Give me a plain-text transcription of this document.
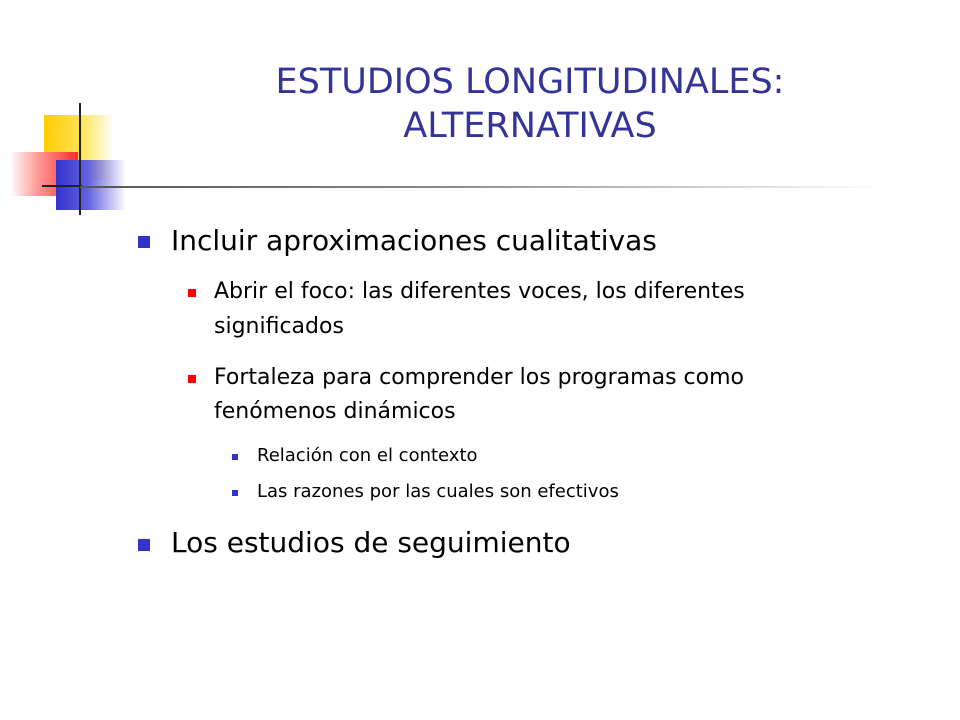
ESTUDIOS LONGITUDINALES:
ALTERNATIVAS
Incluir aproximaciones cualitativas
Abrir el foco: las diferentes voces, los diferentes
significados
Fortaleza para comprender los programas como
fenómenos dinámicos
Relación con el contexto
Las razones por las cuales son efectivos
Los estudios de seguimiento
